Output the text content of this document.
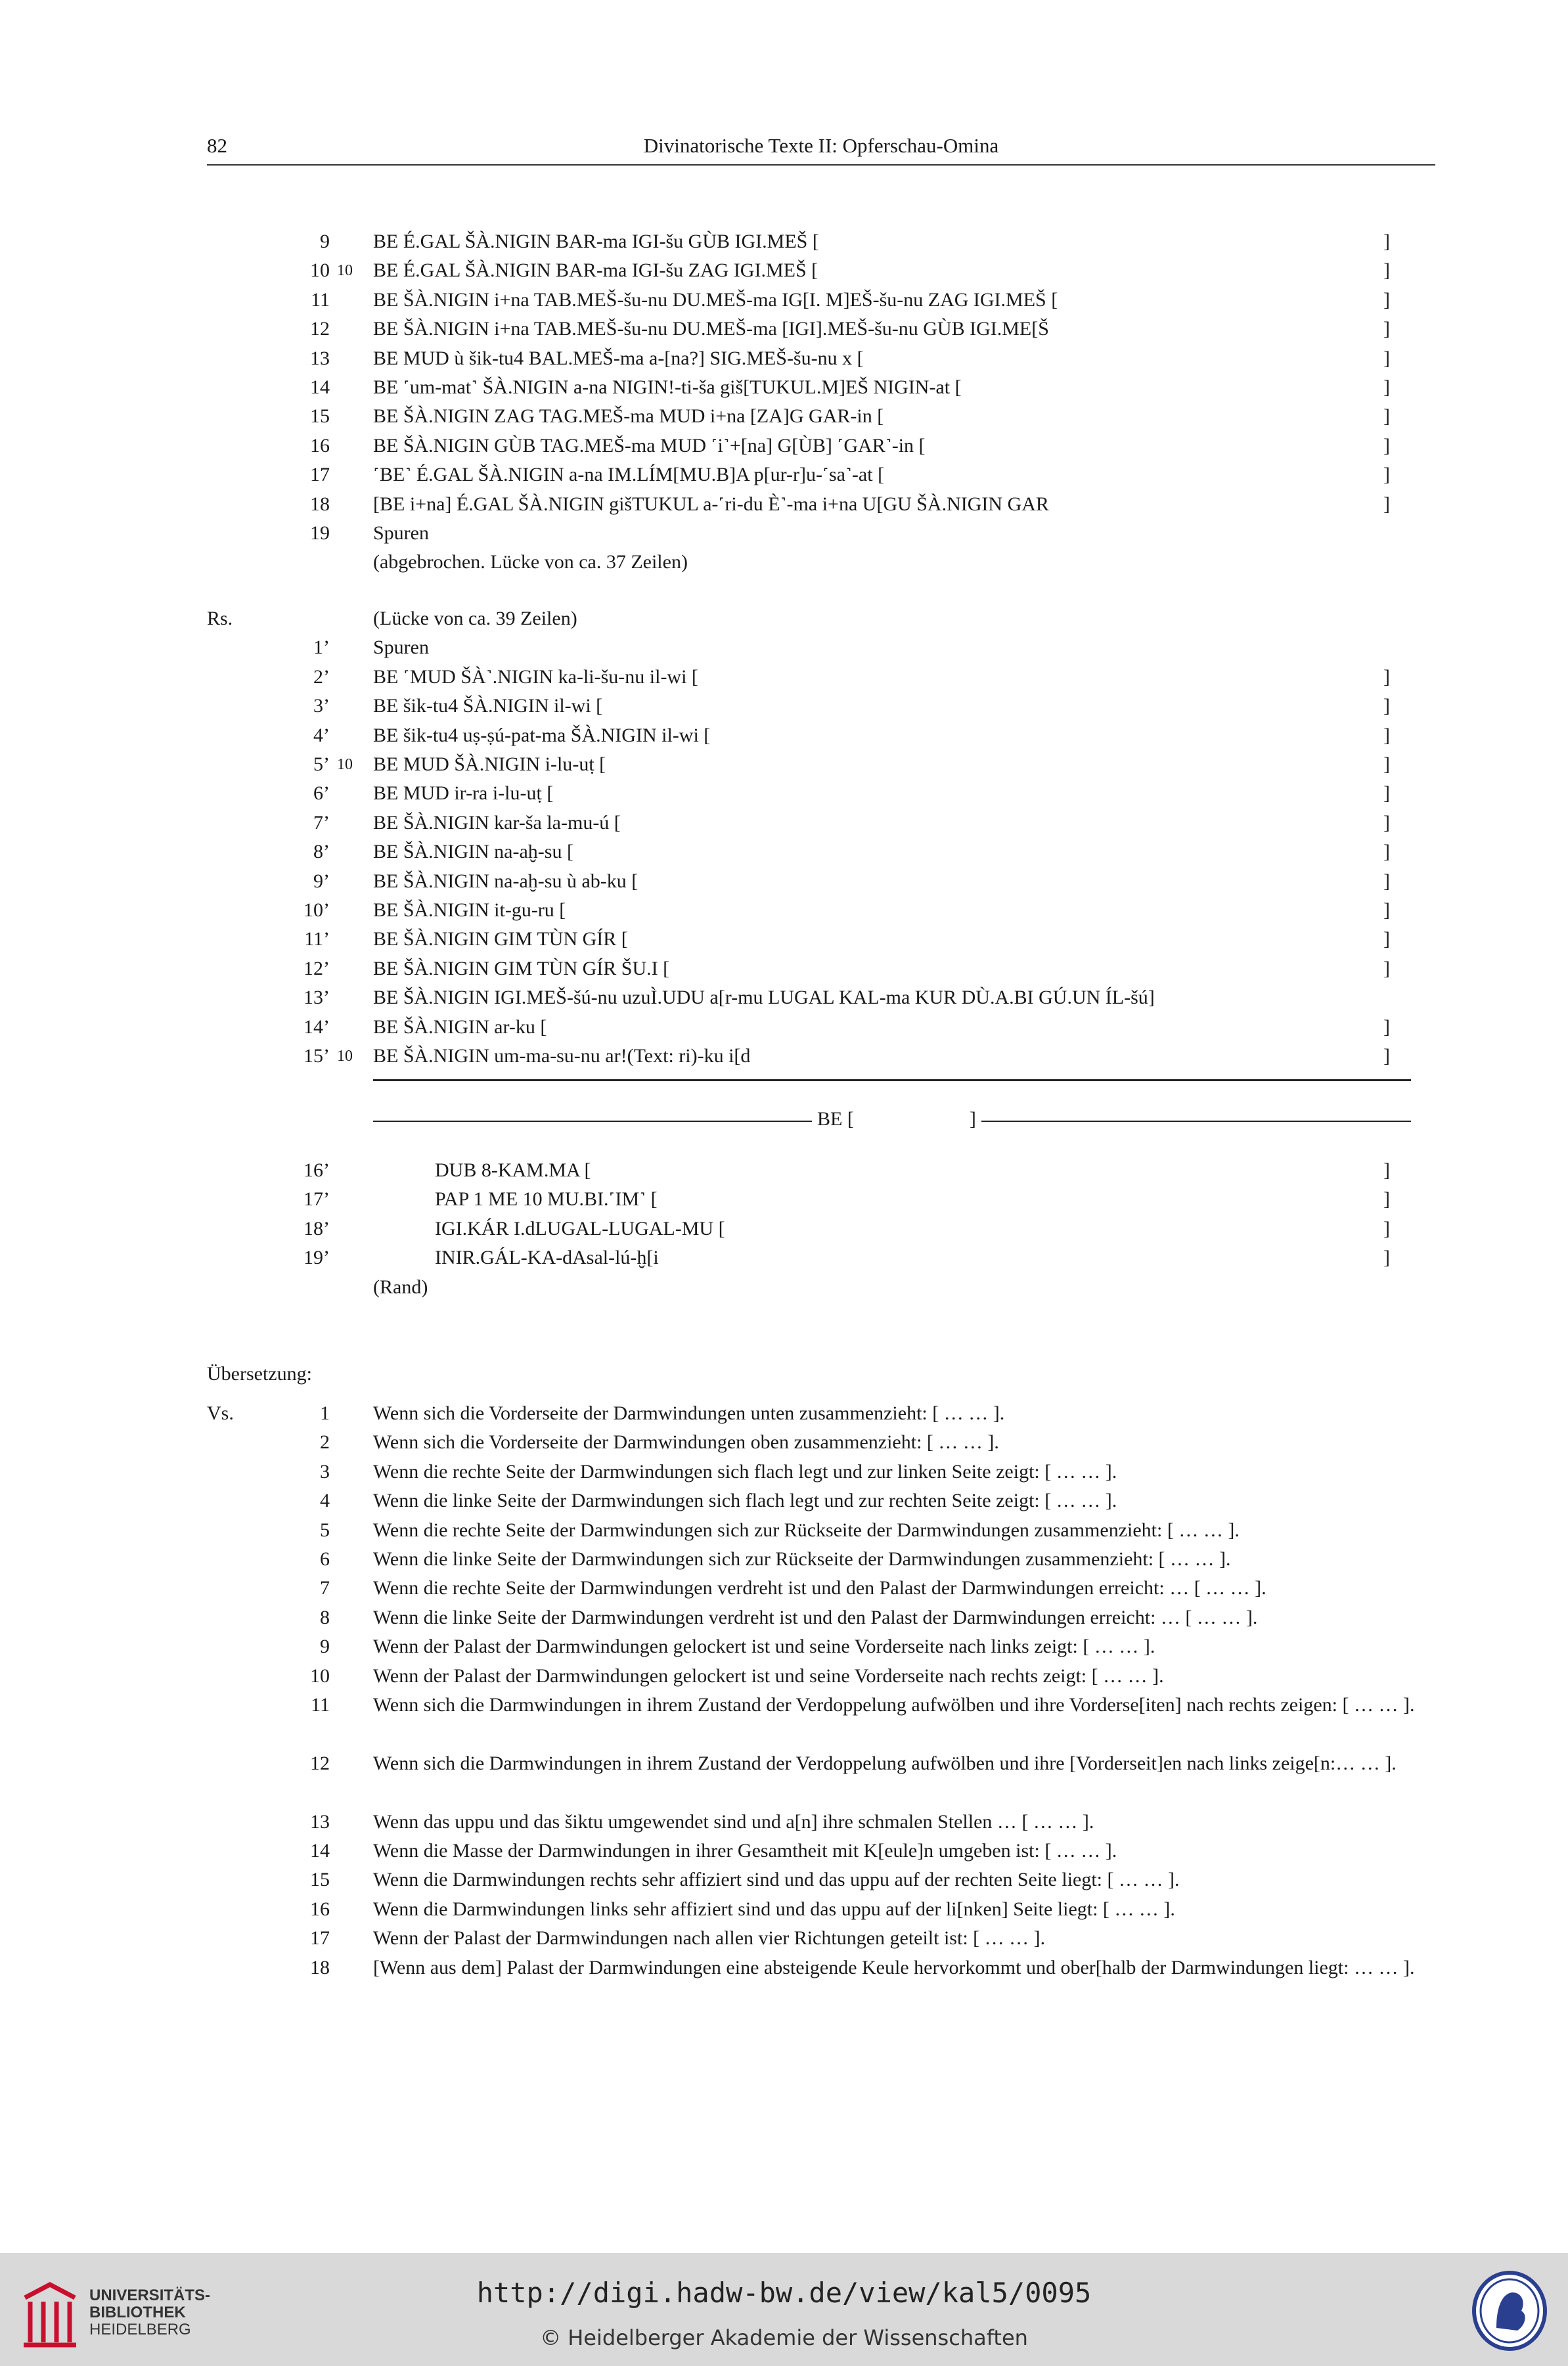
82	Divinatorische Texte II: Opferschau-Omina
9 BE É.GAL ŠÀ.NIGIN BAR-ma IGI-šu GÙB IGI.MEŠ [	]
10 10 BE É.GAL ŠÀ.NIGIN BAR-ma IGI-šu ZAG IGI.MEŠ [	]
11 BE ŠÀ.NIGIN i+na TAB.MEŠ-šu-nu DU.MEŠ-ma IG[I. M]EŠ-šu-nu ZAG IGI.MEŠ [	]
12 BE ŠÀ.NIGIN i+na TAB.MEŠ-šu-nu DU.MEŠ-ma [IGI].MEŠ-šu-nu GÙB IGI.ME[Š	]
13 BE MUD ù šik-tu4 BAL.MEŠ-ma a-[na?] SIG.MEŠ-šu-nu x [	]
14 BE ˹um-mat˺ ŠÀ.NIGIN a-na NIGIN!-ti-ša giš[TUKUL.M]EŠ NIGIN-at [	]
15 BE ŠÀ.NIGIN ZAG TAG.MEŠ-ma MUD i+na [ZA]G GAR-in [	]
16 BE ŠÀ.NIGIN GÙB TAG.MEŠ-ma MUD ˹i˺+[na] G[ÙB] ˹GAR˺-in [	]
17 ˹BE˺ É.GAL ŠÀ.NIGIN a-na IM.LÍM[MU.B]A p[ur-r]u-˹sa˺-at [	]
18 [BE i+na] É.GAL ŠÀ.NIGIN gišTUKUL a-˹ri-du È˺-ma i+na U[GU ŠÀ.NIGIN GAR	]
19 Spuren
(abgebrochen. Lücke von ca. 37 Zeilen)
Rs.	(Lücke von ca. 39 Zeilen)
1’ Spuren
2’ BE ˹MUD ŠÀ˺.NIGIN ka-li-šu-nu il-wi [	]
3’ BE šik-tu4 ŠÀ.NIGIN il-wi [	]
4’ BE šik-tu4 uṣ-ṣú-pat-ma ŠÀ.NIGIN il-wi [	]
5’ 10 BE MUD ŠÀ.NIGIN i-lu-uṭ [	]
6’ BE MUD ir-ra i-lu-uṭ [	]
7’ BE ŠÀ.NIGIN kar-ša la-mu-ú [	]
8’ BE ŠÀ.NIGIN na-aḫ-su [	]
9’ BE ŠÀ.NIGIN na-aḫ-su ù ab-ku [	]
10’ BE ŠÀ.NIGIN it-gu-ru [	]
11’ BE ŠÀ.NIGIN GIM TÙN GÍR [	]
12’ BE ŠÀ.NIGIN GIM TÙN GÍR ŠU.I [	]
13’ BE ŠÀ.NIGIN IGI.MEŠ-šú-nu uzuÌ.UDU a[r-mu LUGAL KAL-ma KUR DÙ.A.BI GÚ.UN ÍL-šú]
14’ BE ŠÀ.NIGIN ar-ku [	]
15’ 10 BE ŠÀ.NIGIN um-ma-su-nu ar!(Text: ri)-ku i[d	]
16’	DUB 8-KAM.MA [	]
17’	PAP 1 ME 10 MU.BI.˹IM˺ [	]
18’	IGI.KÁR I.dLUGAL-LUGAL-MU [	]
19’	INIR.GÁL-KA-dAsal-lú-ḫ[i	]
(Rand)
Übersetzung:
Vs.	1 Wenn sich die Vorderseite der Darmwindungen unten zusammenzieht: [ … … ].
2 Wenn sich die Vorderseite der Darmwindungen oben zusammenzieht: [ … … ].
3 Wenn die rechte Seite der Darmwindungen sich flach legt und zur linken Seite zeigt: [ … … ].
4 Wenn die linke Seite der Darmwindungen sich flach legt und zur rechten Seite zeigt: [ … … ].
5 Wenn die rechte Seite der Darmwindungen sich zur Rückseite der Darmwindungen zusammenzieht: [ … … ].
6 Wenn die linke Seite der Darmwindungen sich zur Rückseite der Darmwindungen zusammenzieht: [ … … ].
7 Wenn die rechte Seite der Darmwindungen verdreht ist und den Palast der Darmwindungen erreicht: … [ … … ].
8 Wenn die linke Seite der Darmwindungen verdreht ist und den Palast der Darmwindungen erreicht: … [ … … ].
9 Wenn der Palast der Darmwindungen gelockert ist und seine Vorderseite nach links zeigt: [ … … ].
10 Wenn der Palast der Darmwindungen gelockert ist und seine Vorderseite nach rechts zeigt: [ … … ].
11 Wenn sich die Darmwindungen in ihrem Zustand der Verdoppelung aufwölben und ihre Vorderse[iten] nach rechts zeigen: [ … … ].
12 Wenn sich die Darmwindungen in ihrem Zustand der Verdoppelung aufwölben und ihre [Vorderseit]en nach links zeige[n:… … ].
13 Wenn das uppu und das šiktu umgewendet sind und a[n] ihre schmalen Stellen … [ … … ].
14 Wenn die Masse der Darmwindungen in ihrer Gesamtheit mit K[eule]n umgeben ist: [ … … ].
15 Wenn die Darmwindungen rechts sehr affiziert sind und das uppu auf der rechten Seite liegt: [ … … ].
16 Wenn die Darmwindungen links sehr affiziert sind und das uppu auf der li[nken] Seite liegt: [ … … ].
17 Wenn der Palast der Darmwindungen nach allen vier Richtungen geteilt ist: [ … … ].
18 [Wenn aus dem] Palast der Darmwindungen eine absteigende Keule hervorkommt und ober[halb der Darmwindungen liegt: … … ].
BE [	]
UNIVERSITÄTS-
BIBLIOTHEK
HEIDELBERG
http://digi.hadw-bw.de/view/kal5/0095
© Heidelberger Akademie der Wissenschaften
